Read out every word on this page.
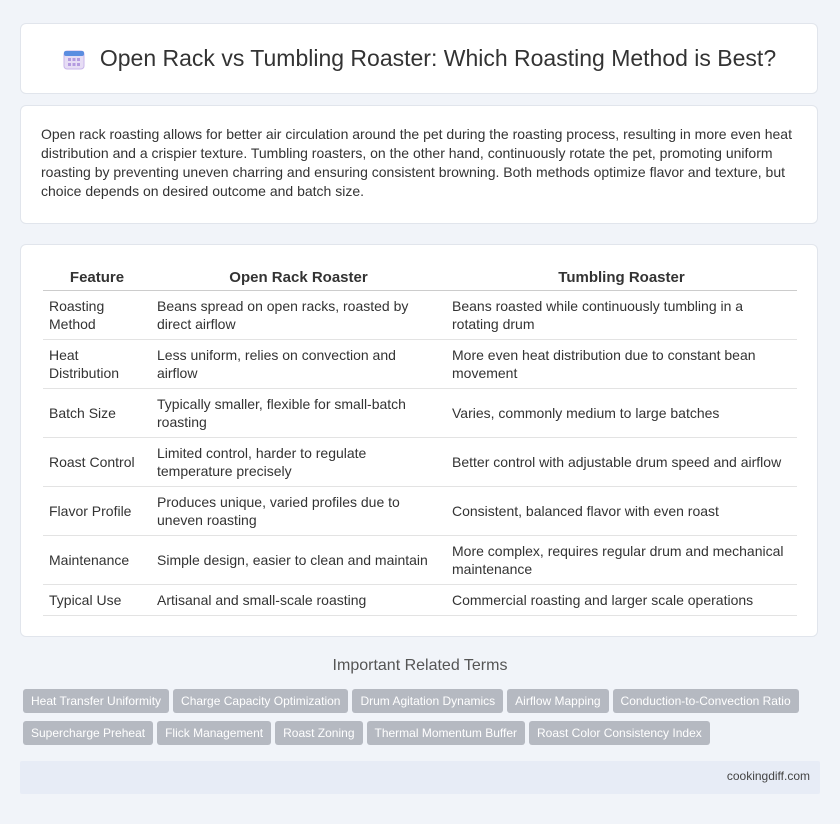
Open Rack vs Tumbling Roaster: Which Roasting Method is Best?

Open rack roasting allows for better air circulation around the pet during the roasting process, resulting in more even heat distribution and a crispier texture. Tumbling roasters, on the other hand, continuously rotate the pet, promoting uniform roasting by preventing uneven charring and ensuring consistent browning. Both methods optimize flavor and texture, but choice depends on desired outcome and batch size.

Feature	Open Rack Roaster	Tumbling Roaster
Roasting Method	Beans spread on open racks, roasted by direct airflow	Beans roasted while continuously tumbling in a rotating drum
Heat Distribution	Less uniform, relies on convection and airflow	More even heat distribution due to constant bean movement
Batch Size	Typically smaller, flexible for small-batch roasting	Varies, commonly medium to large batches
Roast Control	Limited control, harder to regulate temperature precisely	Better control with adjustable drum speed and airflow
Flavor Profile	Produces unique, varied profiles due to uneven roasting	Consistent, balanced flavor with even roast
Maintenance	Simple design, easier to clean and maintain	More complex, requires regular drum and mechanical maintenance
Typical Use	Artisanal and small-scale roasting	Commercial roasting and larger scale operations
Important Related Terms
Heat Transfer Uniformity Charge Capacity Optimization Drum Agitation Dynamics Airflow Mapping Conduction-to-Convection RatioSupercharge Preheat Flick Management Roast Zoning Thermal Momentum Buffer Roast Color Consistency Index
cookingdiff.com
